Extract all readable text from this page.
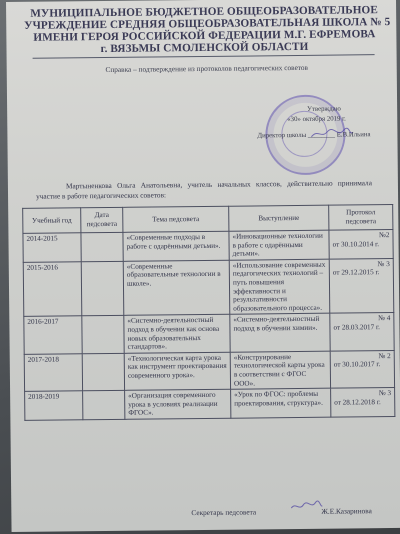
МУНИЦИПАЛЬНОЕ БЮДЖЕТНОЕ ОБЩЕОБРАЗОВАТЕЛЬНОЕ
УЧРЕЖДЕНИЕ СРЕДНЯЯ ОБЩЕОБРАЗОВАТЕЛЬНАЯ ШКОЛА № 5
ИМЕНИ ГЕРОЯ РОССИЙСКОЙ ФЕДЕРАЦИИ М.Г. ЕФРЕМОВА
г. ВЯЗЬМЫ СМОЛЕНСКОЙ ОБЛАСТИ
Справка – подтверждение из протоколов педагогических советов
Утверждаю
«30» октября 2019 г.
Директор школы ________ Е.В.Ильина
Мартыненкова Ольга Анатольевна, учитель начальных классов, действительно принимала участие в работе педагогических советов:
Учебный год	Дата педсовета	Тема педсовета	Выступление	Протокол педсовета
2014-2015		«Современные подходы в работе с одарёнными детьми».	«Инновационные технологии в работе с одарёнными детьми».	№2
от 30.10.2014 г.

2015-2016		«Современные образовательные технологии в школе».	«Использование современных педагогических технологий – путь повышения эффективности и результативности образовательного процесса».	№ 3
от 29.12.2015 г.

2016-2017		«Системно-деятельностный подход в обучении как основа новых образовательных стандартов».	«Системно-деятельностный подход в обучении химии».	№ 4
от 28.03.2017 г.

2017-2018		«Технологическая карта урока как инструмент проектирования современного урока».	«Конструирование технологической карты урока в соответствии с ФГОС ООО».	№ 2
от 30.10.2017 г.

2018-2019		«Организация современного урока в условиях реализации ФГОС».	«Урок по ФГОС: проблемы проектирования, структура».	№ 3
от 28.12.2018 г.
Секретарь педсовета	Ж.Е.Казаринова
